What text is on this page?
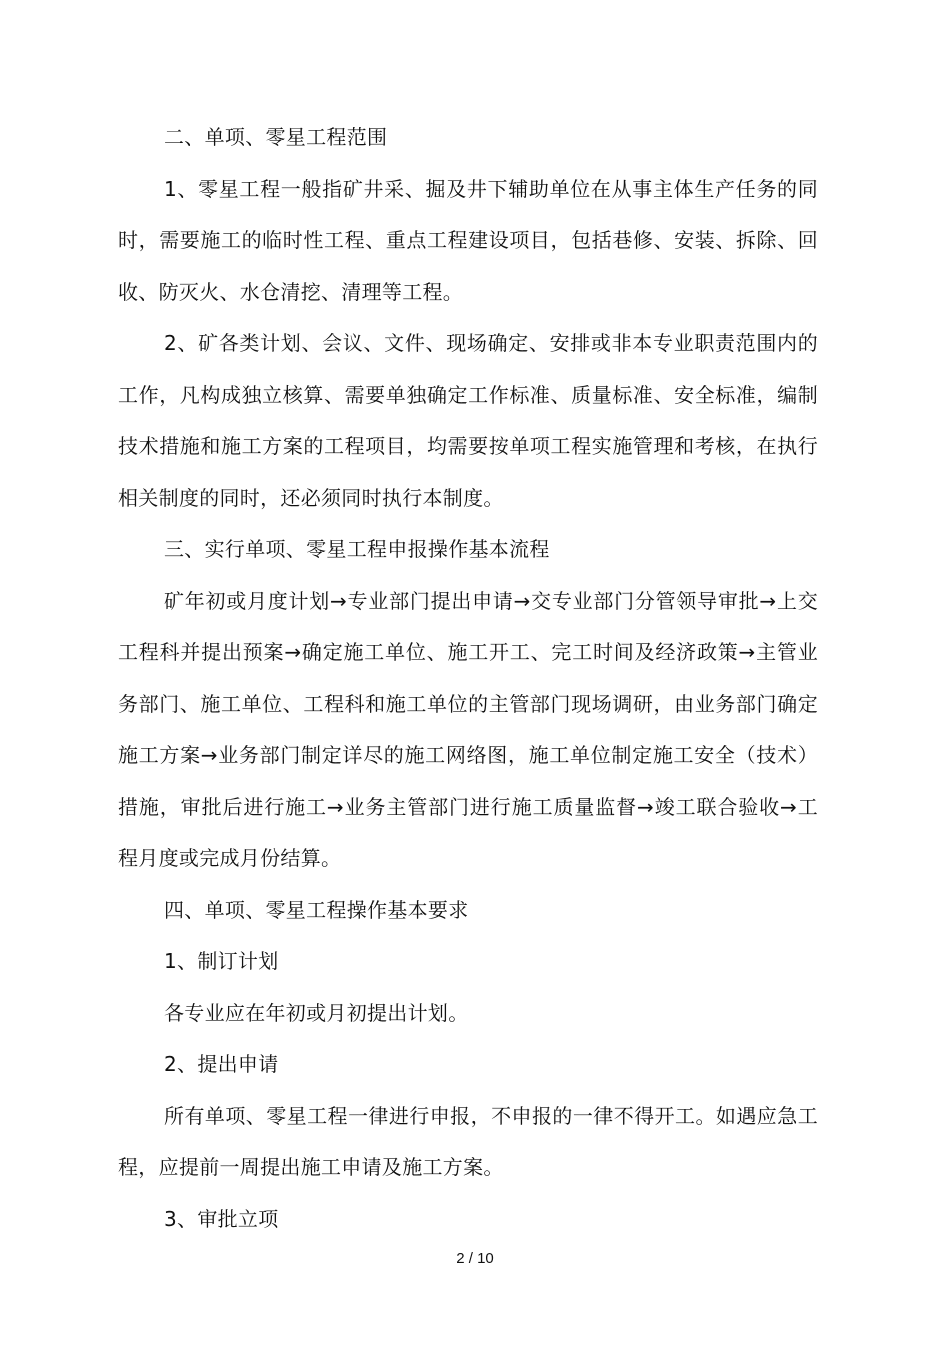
二、单项、零星工程范围

1、零星工程一般指矿井采、掘及井下辅助单位在从事主体生产任务的同时，需要施工的临时性工程、重点工程建设项目，包括巷修、安装、拆除、回收、防灭火、水仓清挖、清理等工程。

2、矿各类计划、会议、文件、现场确定、安排或非本专业职责范围内的工作，凡构成独立核算、需要单独确定工作标准、质量标准、安全标准，编制技术措施和施工方案的工程项目，均需要按单项工程实施管理和考核，在执行相关制度的同时，还必须同时执行本制度。

三、实行单项、零星工程申报操作基本流程

矿年初或月度计划→专业部门提出申请→交专业部门分管领导审批→上交工程科并提出预案→确定施工单位、施工开工、完工时间及经济政策→主管业务部门、施工单位、工程科和施工单位的主管部门现场调研，由业务部门确定施工方案→业务部门制定详尽的施工网络图，施工单位制定施工安全（技术）措施，审批后进行施工→业务主管部门进行施工质量监督→竣工联合验收→工程月度或完成月份结算。

四、单项、零星工程操作基本要求

1、制订计划

各专业应在年初或月初提出计划。

2、提出申请

所有单项、零星工程一律进行申报，不申报的一律不得开工。如遇应急工程，应提前一周提出施工申请及施工方案。

3、审批立项

2 / 10
